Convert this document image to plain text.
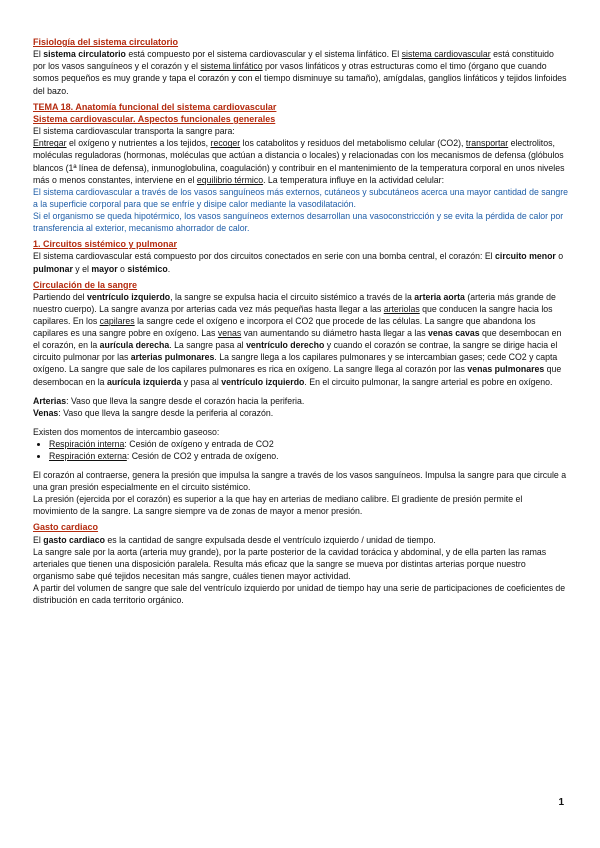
Fisiología del sistema circulatorio

El sistema circulatorio está compuesto por el sistema cardiovascular y el sistema linfático. El sistema cardiovascular está constituido por los vasos sanguíneos y el corazón y el sistema linfático por vasos linfáticos y otras estructuras como el timo (órgano que cuando somos pequeños es muy grande y tapa el corazón y con el tiempo disminuye su tamaño), amígdalas, ganglios linfáticos y tejidos linfoides del bazo.

TEMA 18. Anatomía funcional del sistema cardiovascular
Sistema cardiovascular. Aspectos funcionales generales

El sistema cardiovascular transporta la sangre para:

Entregar el oxígeno y nutrientes a los tejidos, recoger los catabolitos y residuos del metabolismo celular (CO2), transportar electrolitos, moléculas reguladoras (hormonas, moléculas que actúan a distancia o locales) y relacionadas con los mecanismos de defensa (glóbulos blancos (1ª línea de defensa), inmunoglobulina, coagulación) y contribuir en el mantenimiento de la temperatura corporal en unos niveles más o menos constantes, interviene en el equilibrio térmico. La temperatura influye en la actividad celular:

El sistema cardiovascular a través de los vasos sanguíneos más externos, cutáneos y subcutáneos acerca una mayor cantidad de sangre a la superficie corporal para que se enfríe y disipe calor mediante la vasodilatación.

Si el organismo se queda hipotérmico, los vasos sanguíneos externos desarrollan una vasoconstricción y se evita la pérdida de calor por transferencia al exterior, mecanismo ahorrador de calor.

1. Circuitos sistémico y pulmonar

El sistema cardiovascular está compuesto por dos circuitos conectados en serie con una bomba central, el corazón: El circuito menor o pulmonar y el mayor o sistémico.

Circulación de la sangre

Partiendo del ventrículo izquierdo, la sangre se expulsa hacia el circuito sistémico a través de la arteria aorta (arteria más grande de nuestro cuerpo). La sangre avanza por arterias cada vez más pequeñas hasta llegar a las arteriolas que conducen la sangre hacia los capilares. En los capilares la sangre cede el oxígeno e incorpora el CO2 que procede de las células. La sangre que abandona los capilares es una sangre pobre en oxígeno. Las venas van aumentando su diámetro hasta llegar a las venas cavas que desembocan en el corazón, en la aurícula derecha. La sangre pasa al ventrículo derecho y cuando el corazón se contrae, la sangre se dirige hacia el circuito pulmonar por las arterias pulmonares. La sangre llega a los capilares pulmonares y se intercambian gases; cede CO2 y capta oxígeno. La sangre que sale de los capilares pulmonares es rica en oxígeno. La sangre llega al corazón por las venas pulmonares que desembocan en la aurícula izquierda y pasa al ventrículo izquierdo. En el circuito pulmonar, la sangre arterial es pobre en oxígeno.

Arterias: Vaso que lleva la sangre desde el corazón hacia la periferia.

Venas: Vaso que lleva la sangre desde la periferia al corazón.

Existen dos momentos de intercambio gaseoso:

• Respiración interna: Cesión de oxígeno y entrada de CO2
• Respiración externa: Cesión de CO2 y entrada de oxígeno.

El corazón al contraerse, genera la presión que impulsa la sangre a través de los vasos sanguíneos. Impulsa la sangre para que circule a una gran presión especialmente en el circuito sistémico.

La presión (ejercida por el corazón) es superior a la que hay en arterias de mediano calibre. El gradiente de presión permite el movimiento de la sangre. La sangre siempre va de zonas de mayor a menor presión.

Gasto cardiaco

El gasto cardiaco es la cantidad de sangre expulsada desde el ventrículo izquierdo / unidad de tiempo.

La sangre sale por la aorta (arteria muy grande), por la parte posterior de la cavidad torácica y abdominal, y de ella parten las ramas arteriales que tienen una disposición paralela. Resulta más eficaz que la sangre se mueva por distintas arterias porque nuestro organismo sabe qué tejidos necesitan más sangre, cuáles tienen mayor actividad.

A partir del volumen de sangre que sale del ventrículo izquierdo por unidad de tiempo hay una serie de participaciones de coeficientes de distribución en cada territorio orgánico.

1
